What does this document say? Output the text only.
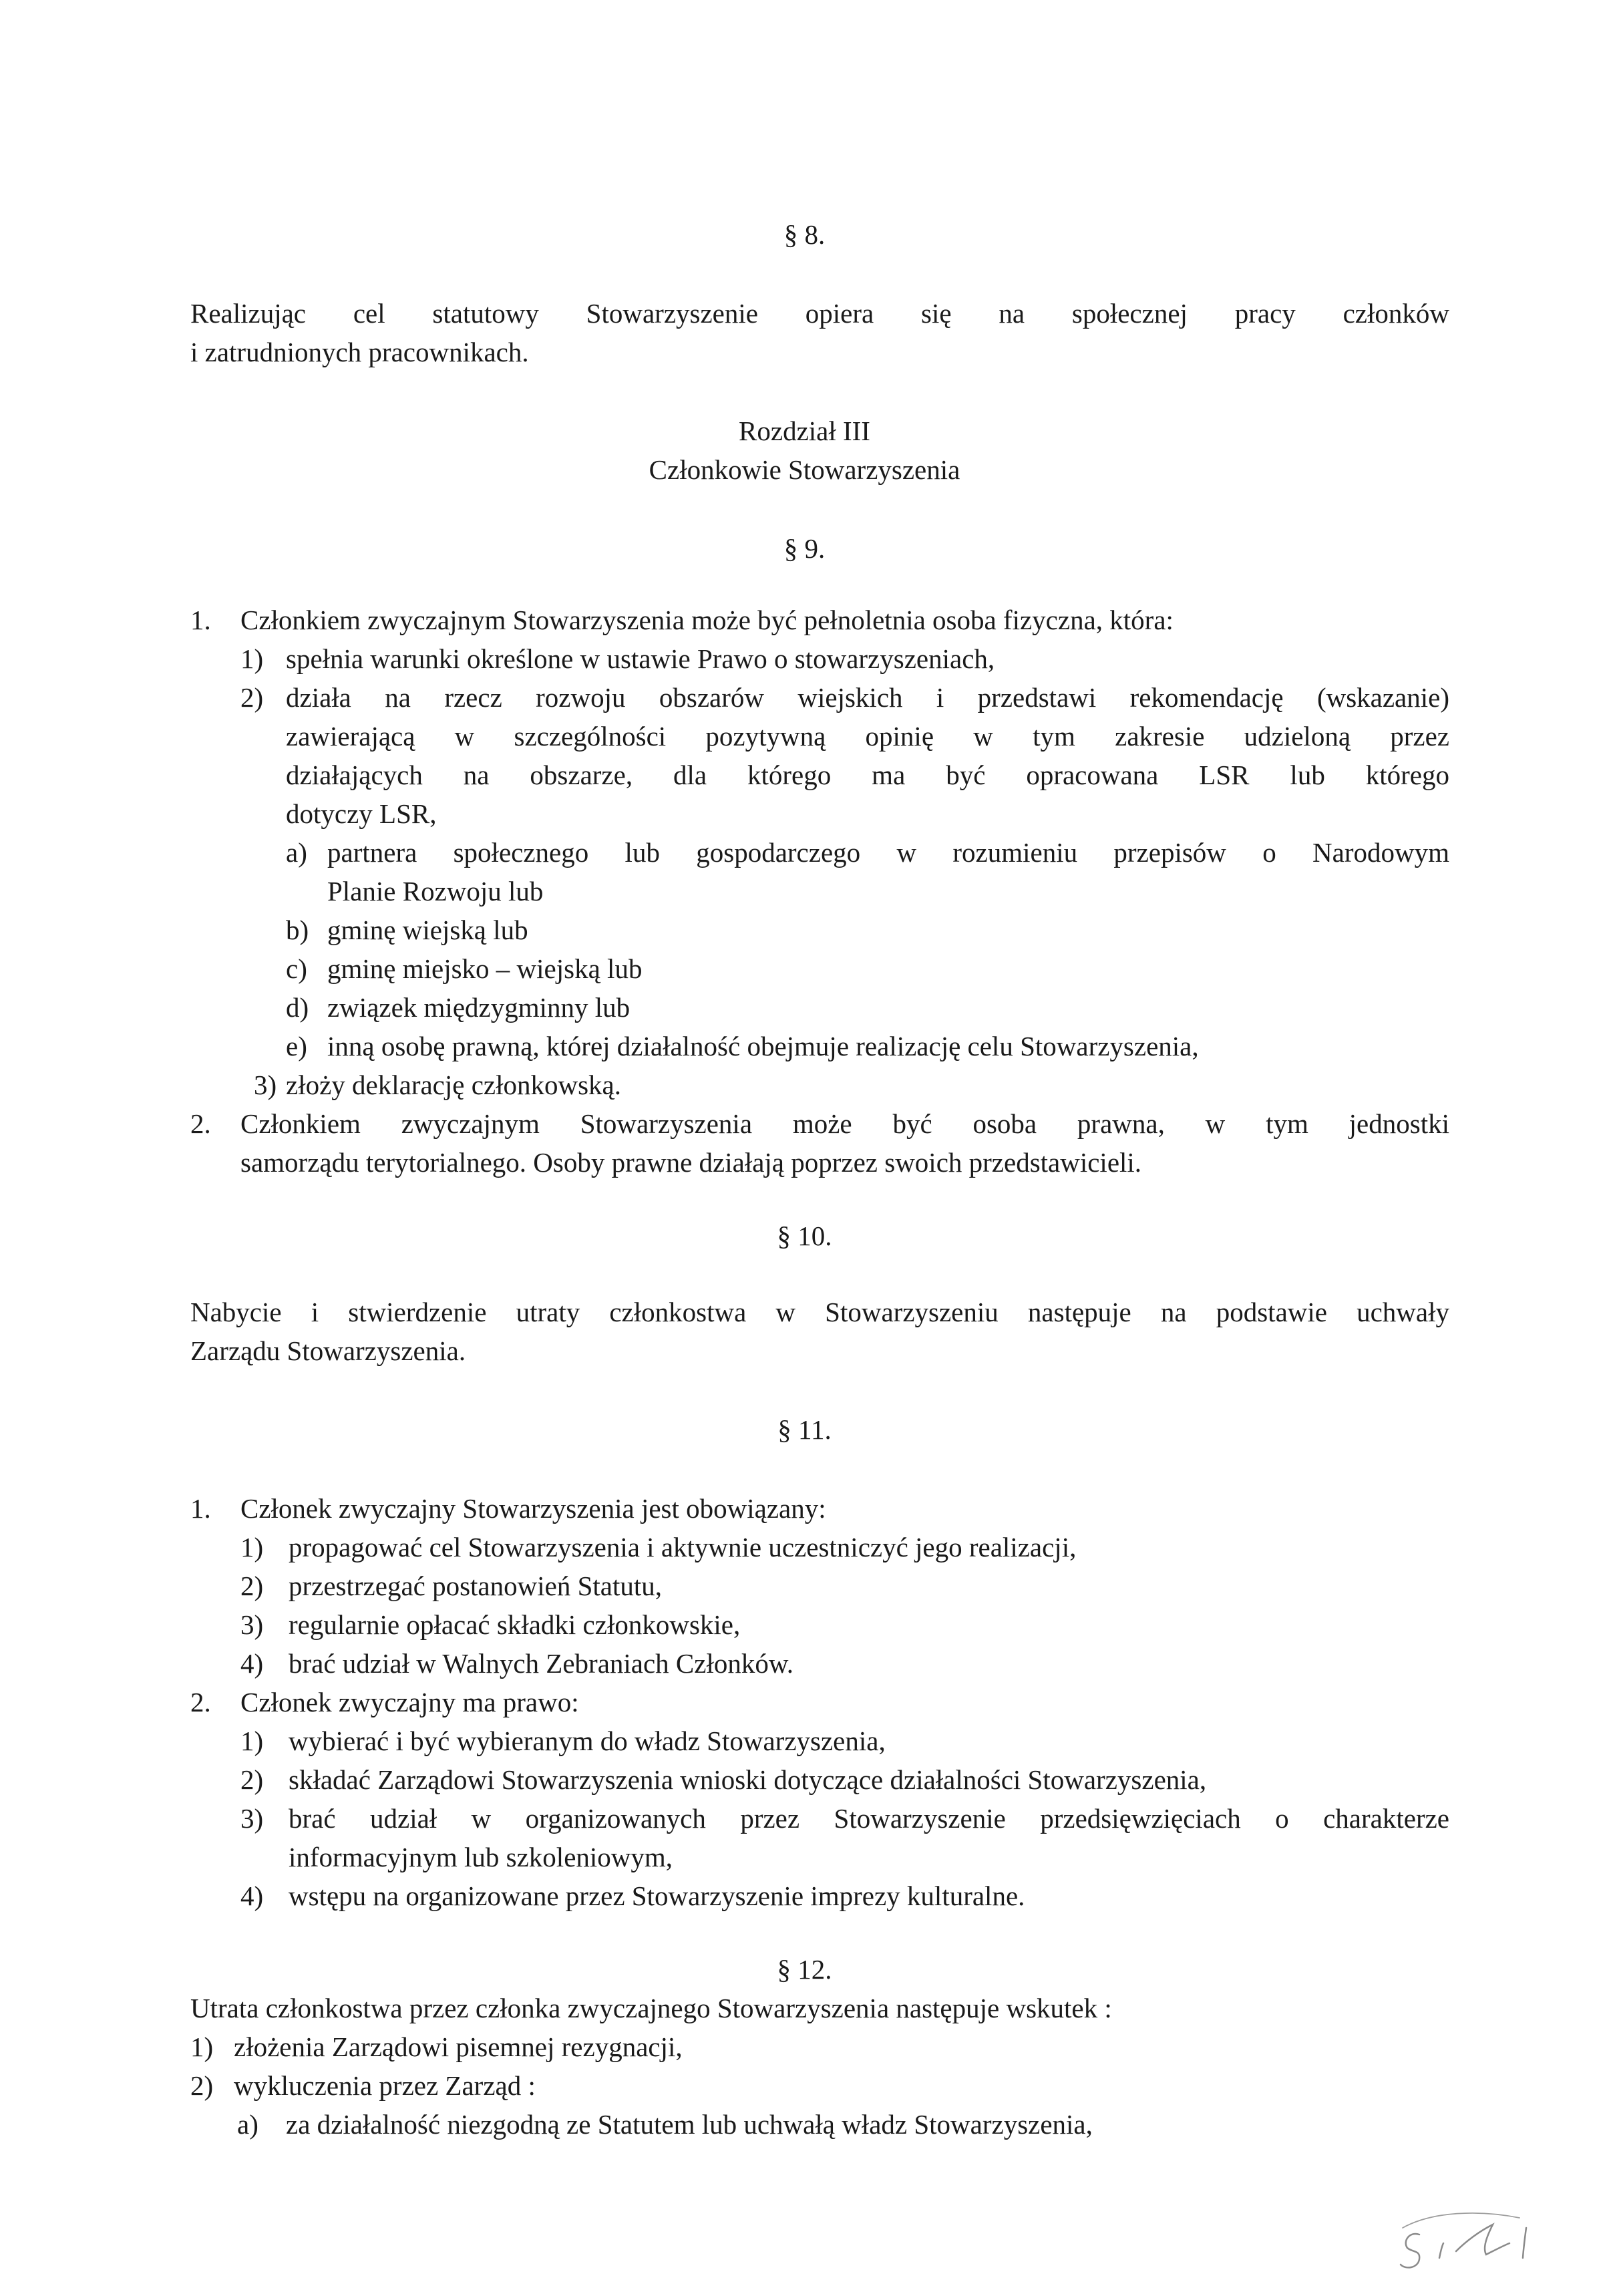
§ 8.

Realizując cel statutowy Stowarzyszenie opiera się na społecznej pracy członków

i zatrudnionych pracownikach.

Rozdział III

Członkowie Stowarzyszenia

§ 9.

1. Członkiem zwyczajnym Stowarzyszenia może być pełnoletnia osoba fizyczna, która:

1) spełnia warunki określone w ustawie Prawo o stowarzyszeniach,

2) działa na rzecz rozwoju obszarów wiejskich i przedstawi rekomendację (wskazanie)

zawierającą w szczególności pozytywną opinię w tym zakresie udzieloną przez

działających na obszarze, dla którego ma być opracowana LSR lub którego

dotyczy LSR,

a) partnera społecznego lub gospodarczego w rozumieniu przepisów o Narodowym

Planie Rozwoju lub

b) gminę wiejską lub

c) gminę miejsko – wiejską lub

d) związek międzygminny lub

e) inną osobę prawną, której działalność obejmuje realizację celu Stowarzyszenia,

3) złoży deklarację członkowską.

2. Członkiem zwyczajnym Stowarzyszenia może być osoba prawna, w tym jednostki

samorządu terytorialnego. Osoby prawne działają poprzez swoich przedstawicieli.

§ 10.

Nabycie i stwierdzenie utraty członkostwa w Stowarzyszeniu następuje na podstawie uchwały

Zarządu Stowarzyszenia.

§ 11.

1. Członek zwyczajny Stowarzyszenia jest obowiązany:

1) propagować cel Stowarzyszenia i aktywnie uczestniczyć jego realizacji,

2) przestrzegać postanowień Statutu,

3) regularnie opłacać składki członkowskie,

4) brać udział w Walnych Zebraniach Członków.

2. Członek zwyczajny ma prawo:

1) wybierać i być wybieranym do władz Stowarzyszenia,

2) składać Zarządowi Stowarzyszenia wnioski dotyczące działalności Stowarzyszenia,

3) brać udział w organizowanych przez Stowarzyszenie przedsięwzięciach o charakterze

informacyjnym lub szkoleniowym,

4) wstępu na organizowane przez Stowarzyszenie imprezy kulturalne.

§ 12.

Utrata członkostwa przez członka zwyczajnego Stowarzyszenia następuje wskutek :

1) złożenia Zarządowi pisemnej rezygnacji,

2) wykluczenia przez Zarząd :

a) za działalność niezgodną ze Statutem lub uchwałą władz Stowarzyszenia,
